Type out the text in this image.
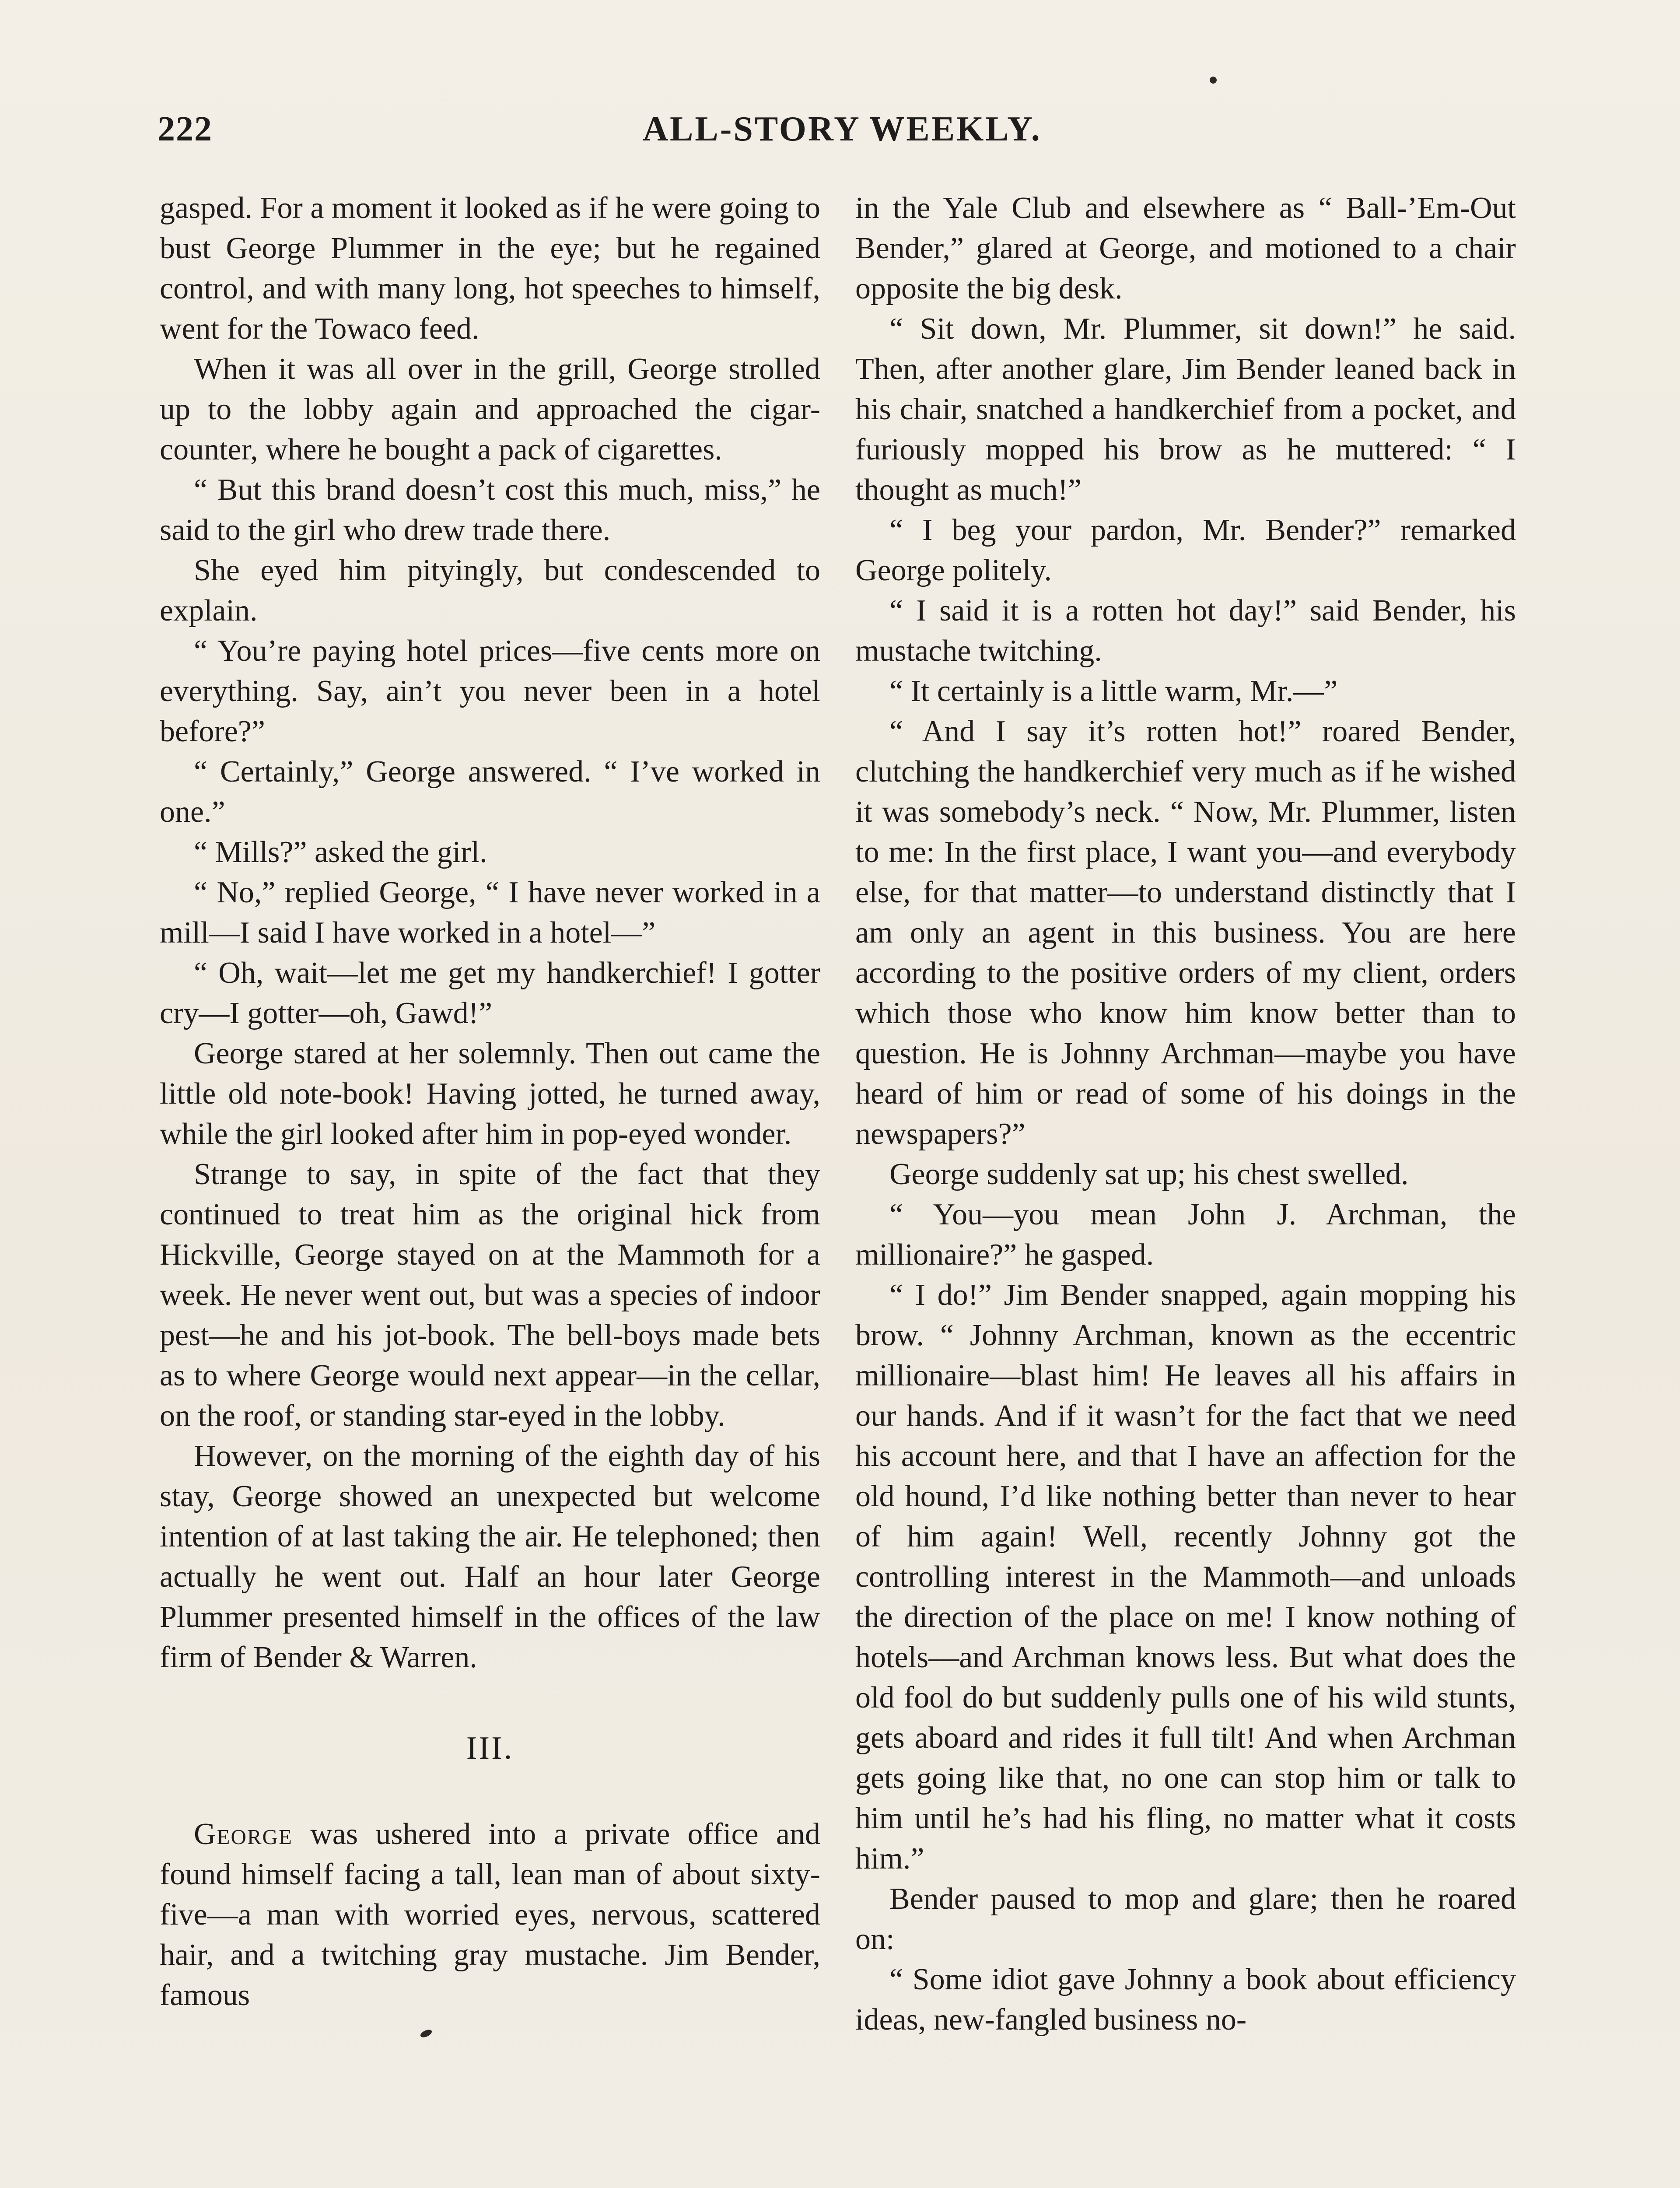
222	ALL-STORY WEEKLY.

gasped. For a moment it looked as if he were going to bust George Plummer in the eye; but he regained control, and with many long, hot speeches to himself, went for the Towaco feed.

When it was all over in the grill, George strolled up to the lobby again and approached the cigar-counter, where he bought a pack of cigarettes.

“ But this brand doesn’t cost this much, miss,” he said to the girl who drew trade there.

She eyed him pityingly, but condescended to explain.

“ You’re paying hotel prices—five cents more on everything. Say, ain’t you never been in a hotel before?”

“ Certainly,” George answered. “ I’ve worked in one.”

“ Mills?” asked the girl.

“ No,” replied George, “ I have never worked in a mill—I said I have worked in a hotel—”

“ Oh, wait—let me get my handkerchief! I gotter cry—I gotter—oh, Gawd!”

George stared at her solemnly. Then out came the little old note-book! Having jotted, he turned away, while the girl looked after him in pop-eyed wonder.

Strange to say, in spite of the fact that they continued to treat him as the original hick from Hickville, George stayed on at the Mammoth for a week. He never went out, but was a species of indoor pest—he and his jot-book. The bell-boys made bets as to where George would next appear—in the cellar, on the roof, or standing star-eyed in the lobby.

However, on the morning of the eighth day of his stay, George showed an unexpected but welcome intention of at last taking the air. He telephoned; then actually he went out. Half an hour later George Plummer presented himself in the offices of the law firm of Bender & Warren.

III.

George was ushered into a private office and found himself facing a tall, lean man of about sixty-five—a man with worried eyes, nervous, scattered hair, and a twitching gray mustache. Jim Bender, famous

in the Yale Club and elsewhere as “ Ball-’Em-Out Bender,” glared at George, and motioned to a chair opposite the big desk.

“ Sit down, Mr. Plummer, sit down!” he said. Then, after another glare, Jim Bender leaned back in his chair, snatched a handkerchief from a pocket, and furiously mopped his brow as he muttered: “ I thought as much!”

“ I beg your pardon, Mr. Bender?” remarked George politely.

“ I said it is a rotten hot day!” said Bender, his mustache twitching.

“ It certainly is a little warm, Mr.—”

“ And I say it’s rotten hot!” roared Bender, clutching the handkerchief very much as if he wished it was somebody’s neck. “ Now, Mr. Plummer, listen to me: In the first place, I want you—and everybody else, for that matter—to understand distinctly that I am only an agent in this business. You are here according to the positive orders of my client, orders which those who know him know better than to question. He is Johnny Archman—maybe you have heard of him or read of some of his doings in the newspapers?”

George suddenly sat up; his chest swelled.

“ You—you mean John J. Archman, the millionaire?” he gasped.

“ I do!” Jim Bender snapped, again mopping his brow. “ Johnny Archman, known as the eccentric millionaire—blast him! He leaves all his affairs in our hands. And if it wasn’t for the fact that we need his account here, and that I have an affection for the old hound, I’d like nothing better than never to hear of him again! Well, recently Johnny got the controlling interest in the Mammoth—and unloads the direction of the place on me! I know nothing of hotels—and Archman knows less. But what does the old fool do but suddenly pulls one of his wild stunts, gets aboard and rides it full tilt! And when Archman gets going like that, no one can stop him or talk to him until he’s had his fling, no matter what it costs him.”

Bender paused to mop and glare; then he roared on:

“ Some idiot gave Johnny a book about efficiency ideas, new-fangled business no-
